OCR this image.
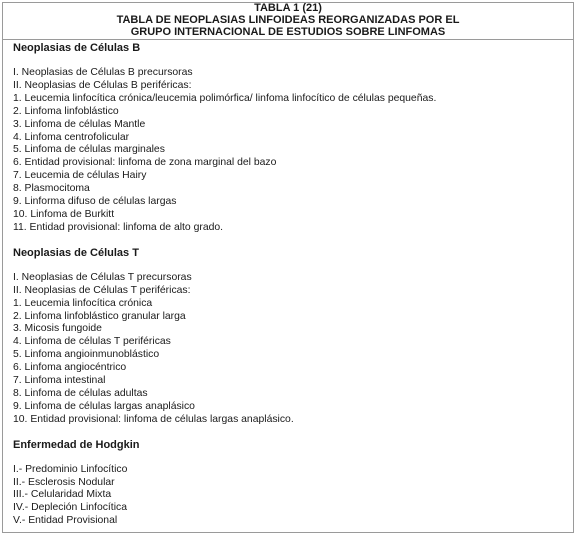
TABLA 1 (21)
TABLA DE NEOPLASIAS LINFOIDEAS REORGANIZADAS POR EL
GRUPO INTERNACIONAL DE ESTUDIOS SOBRE LINFOMAS
Neoplasias de Células B
I. Neoplasias de Células B precursoras
II. Neoplasias de Células B periféricas:
1. Leucemia linfocítica crónica/leucemia polimórfica/ linfoma linfocítico de células pequeñas.
2. Linfoma linfoblástico
3. Linfoma de células Mantle
4. Linfoma centrofolicular
5. Linfoma de células marginales
6. Entidad provisional: linfoma de zona marginal del bazo
7. Leucemia de células Hairy
8. Plasmocitoma
9. Linforma difuso de células largas
10. Linfoma de Burkitt
11. Entidad provisional: linfoma de alto grado.
Neoplasias de Células T
I. Neoplasias de Células T precursoras
II. Neoplasias de Células T periféricas:
1. Leucemia linfocítica crónica
2. Linfoma linfoblástico granular larga
3. Micosis fungoide
4. Linfoma de células T periféricas
5. Linfoma angioinmunoblástico
6. Linfoma angiocéntrico
7. Linfoma intestinal
8. Linfoma de células adultas
9. Linfoma de células largas anaplásico
10. Entidad provisional: linfoma de células largas anaplásico.
Enfermedad de Hodgkin
I.- Predominio Linfocítico
II.- Esclerosis Nodular
III.- Celularidad Mixta
IV.- Depleción Linfocítica
V.- Entidad Provisional
